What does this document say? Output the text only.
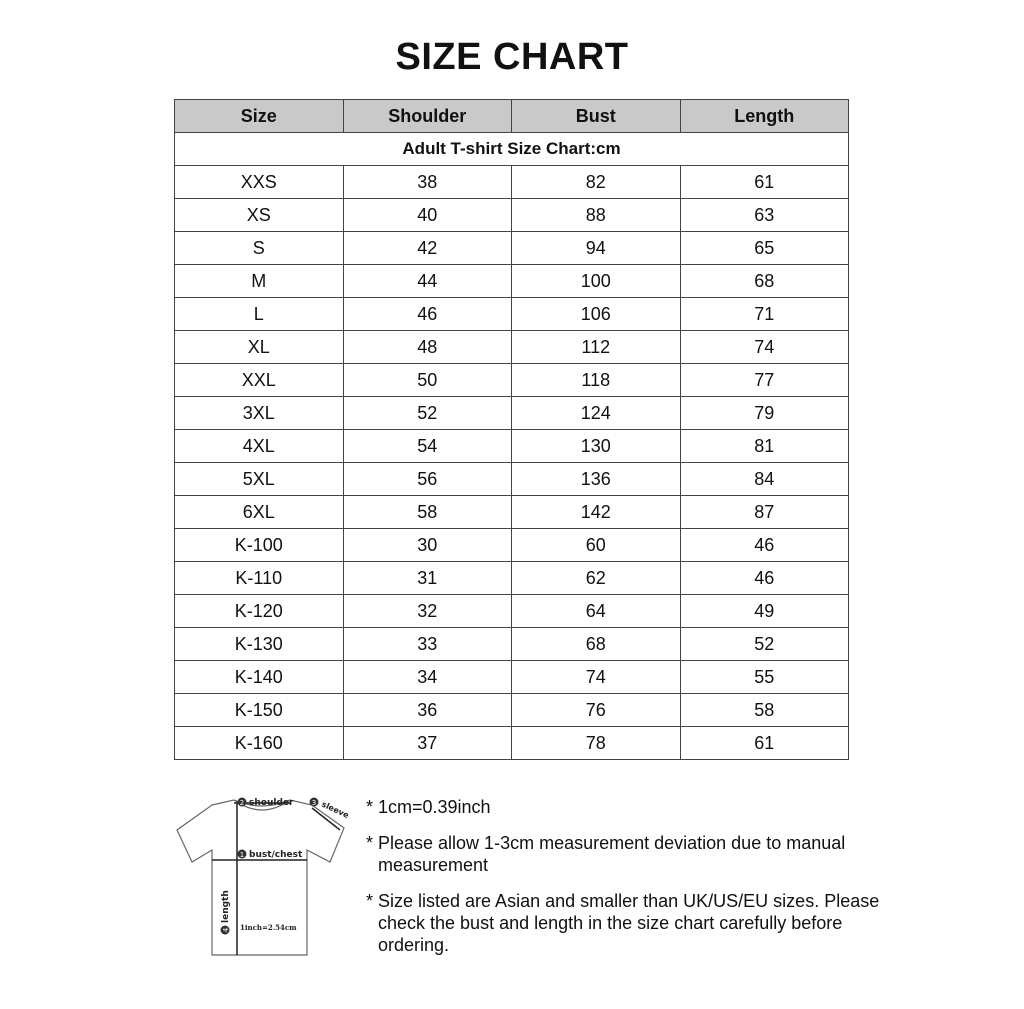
SIZE CHART
Size	Shoulder	Bust	Length
Adult T-shirt Size Chart:cm			
XXS	38	82	61
XS	40	88	63
S	42	94	65
M	44	100	68
L	46	106	71
XL	48	112	74
XXL	50	118	77
3XL	52	124	79
4XL	54	130	81
5XL	56	136	84
6XL	58	142	87
K-100	30	60	46
K-110	31	62	46
K-120	32	64	49
K-130	33	68	52
K-140	34	74	55
K-150	36	76	58
K-160	37	78	61
2 shoulder	3 sleeve
1 bust/chest
4
length
1inch=2.54cm
* 1cm=0.39inch
* Please allow 1-3cm measurement deviation due to manual measurement
* Size listed are Asian and smaller than UK/US/EU sizes. Please check the bust and length in the size chart carefully before ordering.
